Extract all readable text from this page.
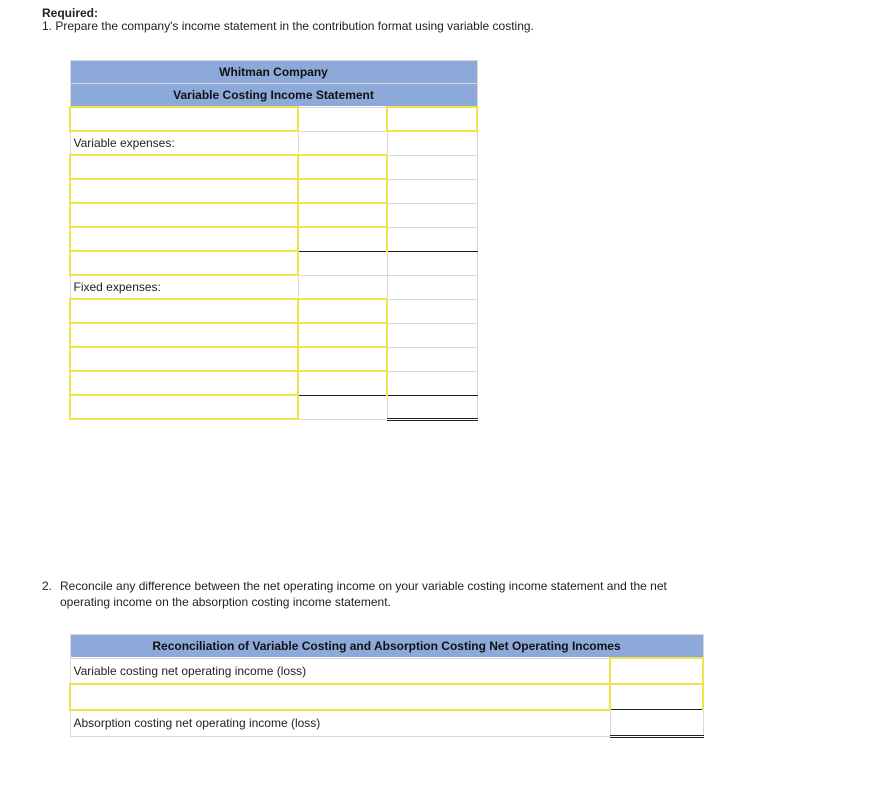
Required:
1. Prepare the company's income statement in the contribution format using variable costing.
Whitman Company		
Variable Costing Income Statement		

Variable expenses:		

Fixed expenses:		

2. Reconcile any difference between the net operating income on your variable costing income statement and the net operating income on the absorption costing income statement.
Reconciliation of Variable Costing and Absorption Costing Net Operating Incomes	
Variable costing net operating income (loss)	

Absorption costing net operating income (loss)	
